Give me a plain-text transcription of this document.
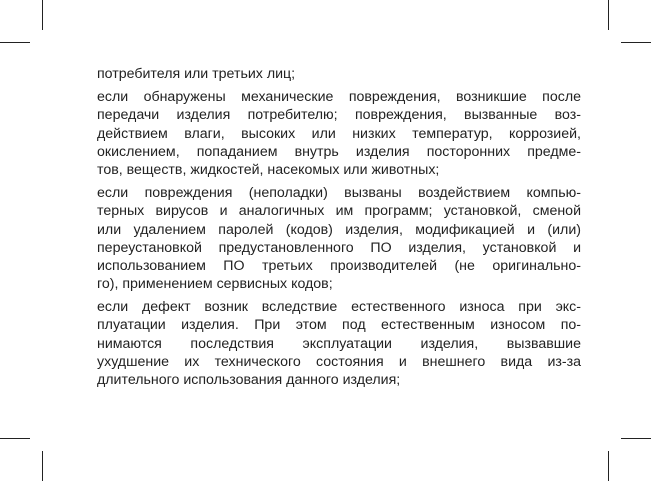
потребителя или третьих лиц;
если обнаружены механические повреждения, возникшие после
передачи изделия потребителю; повреждения, вызванные воз-
действием влаги, высоких или низких температур, коррозией,
окислением, попаданием внутрь изделия посторонних предме-
тов, веществ, жидкостей, насекомых или животных;
если повреждения (неполадки) вызваны воздействием компью-
терных вирусов и аналогичных им программ; установкой, сменой
или удалением паролей (кодов) изделия, модификацией и (или)
переустановкой предустановленного ПО изделия, установкой и
использованием ПО третьих производителей (не оригинально-
го), применением сервисных кодов;
если дефект возник вследствие естественного износа при экс-
плуатации изделия. При этом под естественным износом по-
нимаются последствия эксплуатации изделия, вызвавшие
ухудшение их технического состояния и внешнего вида из-за
длительного использования данного изделия;
